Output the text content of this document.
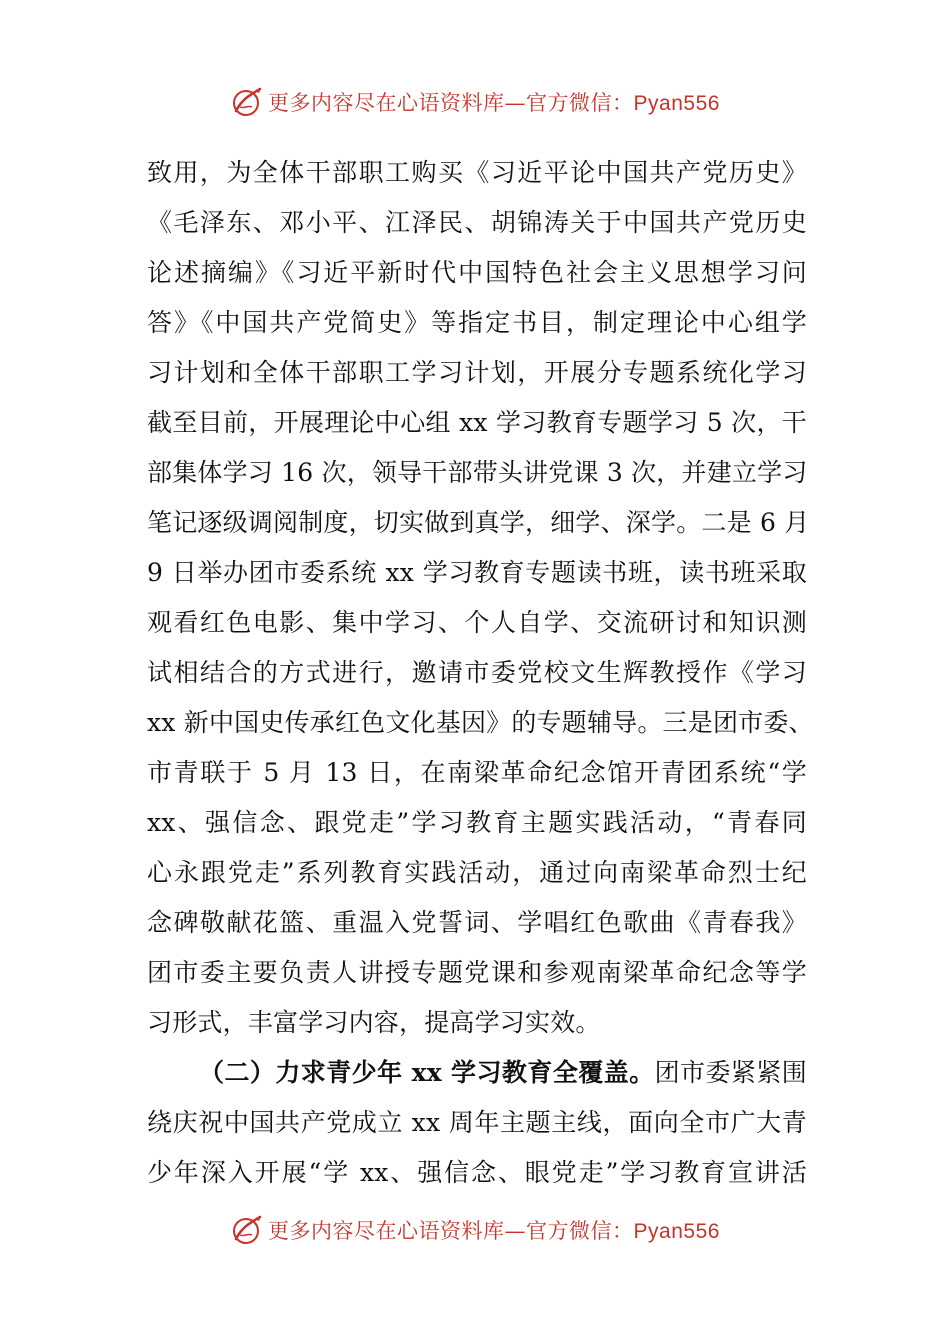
更多内容尽在心语资料库—官方微信：Pyan556
致用，为全体干部职工购买《习近平论中国共产党历史》
《毛泽东、邓小平、江泽民、胡锦涛关于中国共产党历史
论述摘编》《习近平新时代中国特色社会主义思想学习问
答》《中国共产党简史》等指定书目，制定理论中心组学
习计划和全体干部职工学习计划，开展分专题系统化学习
截至目前，开展理论中心组 xx 学习教育专题学习 5 次，干
部集体学习 16 次，领导干部带头讲党课 3 次，并建立学习
笔记逐级调阅制度，切实做到真学，细学、深学。二是 6 月
9 日举办团市委系统 xx 学习教育专题读书班，读书班采取
观看红色电影、集中学习、个人自学、交流研讨和知识测
试相结合的方式进行，邀请市委党校文生辉教授作《学习
xx 新中国史传承红色文化基因》的专题辅导。三是团市委、
市青联于 5 月 13 日，在南梁革命纪念馆开青团系统“学
xx、强信念、跟党走”学习教育主题实践活动，“青春同
心永跟党走”系列教育实践活动，通过向南梁革命烈士纪
念碑敬献花篮、重温入党誓词、学唱红色歌曲《青春我》
团市委主要负责人讲授专题党课和参观南梁革命纪念等学
习形式，丰富学习内容，提高学习实效。
（二）力求青少年 xx 学习教育全覆盖。团市委紧紧围
绕庆祝中国共产党成立 xx 周年主题主线，面向全市广大青
少年深入开展“学 xx、强信念、眼党走”学习教育宣讲活
更多内容尽在心语资料库—官方微信：Pyan556
